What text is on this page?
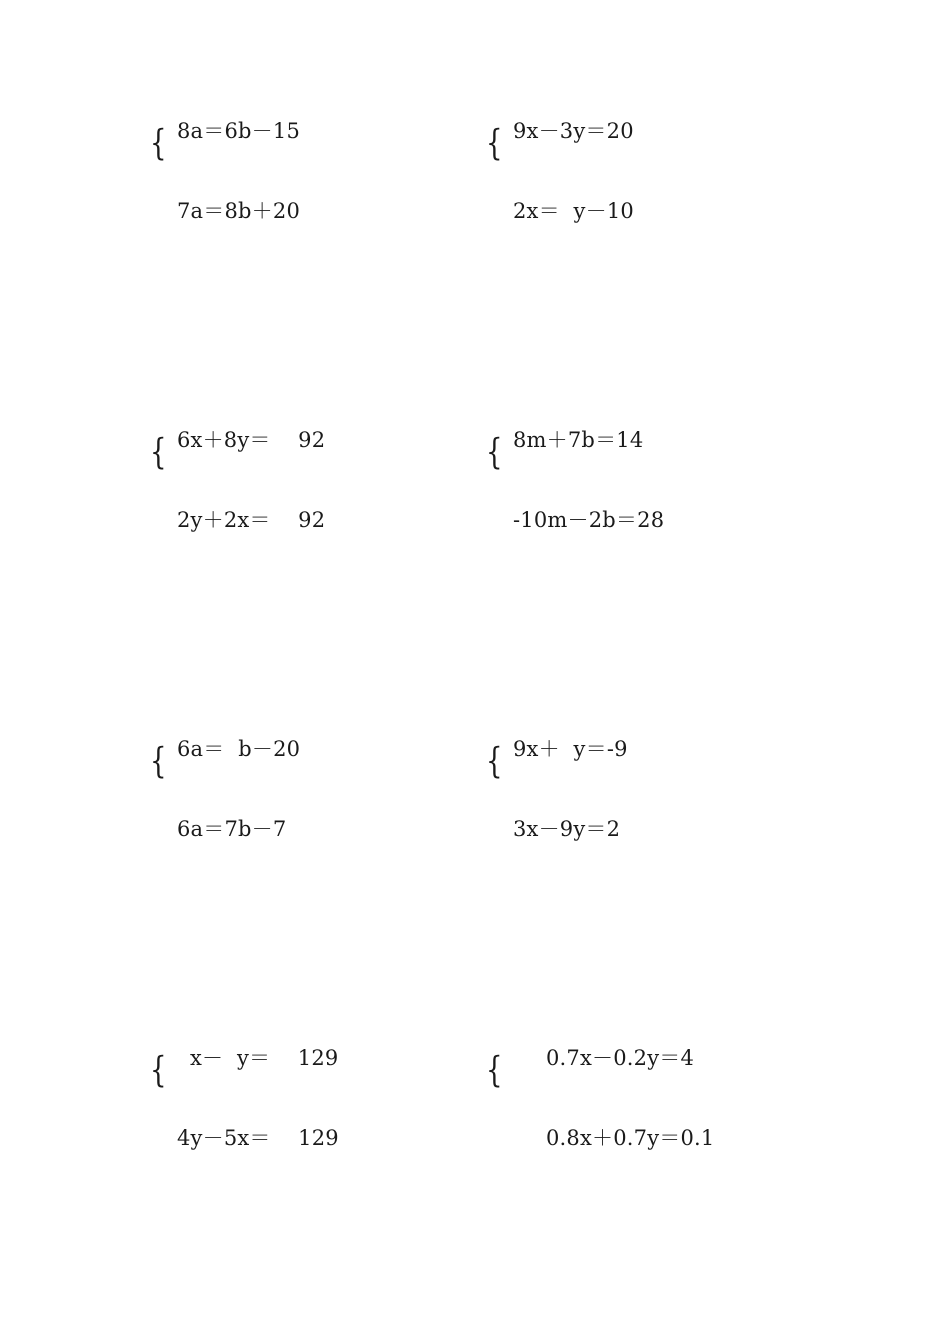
{ 8a＝6b－15
7a＝8b＋20
{ 9x－3y＝20
2x＝  y－10
{ 6x＋8y＝    92
2y＋2x＝    92
{ 8m＋7b＝14
-10m－2b＝28
{ 6a＝  b－20
6a＝7b－7
{ 9x＋  y＝-9
3x－9y＝2
{ x－  y＝    129
4y－5x＝    129
{ 0.7x－0.2y＝4
0.8x＋0.7y＝0.1
